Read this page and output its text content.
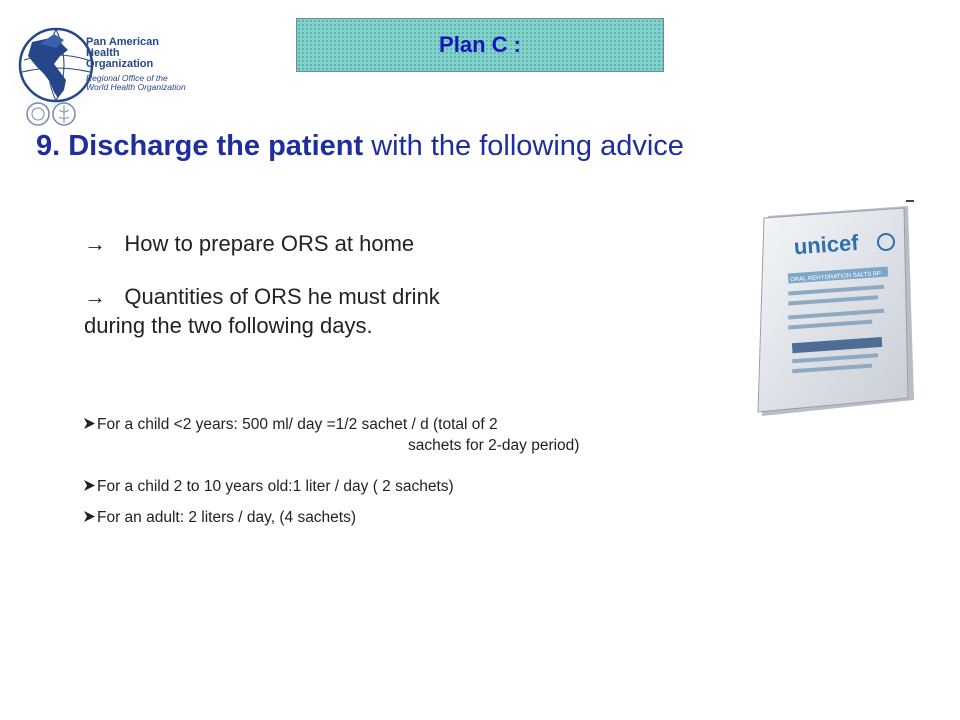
Pan American
Health
Organization
Regional Office of the
World Health Organization
Plan C :
9. Discharge the patient with the following advice
→ How to prepare ORS at home
→ Quantities of ORS he must drink
during the two following days.
For a child <2 years: 500 ml/ day =1/2 sachet / d (total of 2
sachets for 2-day period)
For a child 2 to 10 years old:1 liter / day ( 2 sachets)
For an adult: 2 liters / day, (4 sachets)
unicef
ORAL REHYDRATION SALTS BP
